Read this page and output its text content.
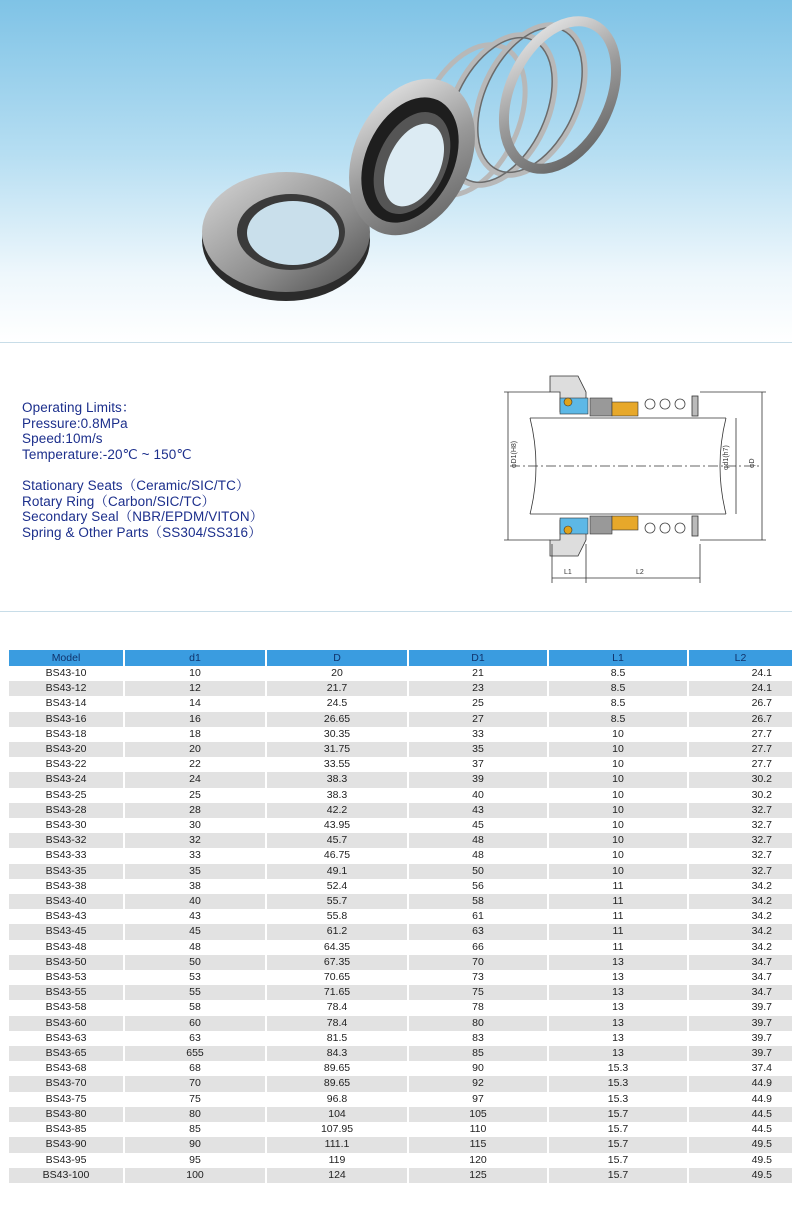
Operating Limits：
Pressure:0.8MPa
Speed:10m/s
Temperature:-20℃ ~ 150℃
Stationary Seats（Ceramic/SIC/TC）
Rotary Ring（Carbon/SIC/TC）
Secondary Seal（NBR/EPDM/VITON）
Spring & Other Parts（SS304/SS316）
φD1(H8)	φd1(h7)	φD
L1	L2
Model	d1	D	D1	L1	L2
BS43-10	10	20	21	8.5	24.1
BS43-12	12	21.7	23	8.5	24.1
BS43-14	14	24.5	25	8.5	26.7
BS43-16	16	26.65	27	8.5	26.7
BS43-18	18	30.35	33	10	27.7
BS43-20	20	31.75	35	10	27.7
BS43-22	22	33.55	37	10	27.7
BS43-24	24	38.3	39	10	30.2
BS43-25	25	38.3	40	10	30.2
BS43-28	28	42.2	43	10	32.7
BS43-30	30	43.95	45	10	32.7
BS43-32	32	45.7	48	10	32.7
BS43-33	33	46.75	48	10	32.7
BS43-35	35	49.1	50	10	32.7
BS43-38	38	52.4	56	11	34.2
BS43-40	40	55.7	58	11	34.2
BS43-43	43	55.8	61	11	34.2
BS43-45	45	61.2	63	11	34.2
BS43-48	48	64.35	66	11	34.2
BS43-50	50	67.35	70	13	34.7
BS43-53	53	70.65	73	13	34.7
BS43-55	55	71.65	75	13	34.7
BS43-58	58	78.4	78	13	39.7
BS43-60	60	78.4	80	13	39.7
BS43-63	63	81.5	83	13	39.7
BS43-65	655	84.3	85	13	39.7
BS43-68	68	89.65	90	15.3	37.4
BS43-70	70	89.65	92	15.3	44.9
BS43-75	75	96.8	97	15.3	44.9
BS43-80	80	104	105	15.7	44.5
BS43-85	85	107.95	110	15.7	44.5
BS43-90	90	111.1	115	15.7	49.5
BS43-95	95	119	120	15.7	49.5
BS43-100	100	124	125	15.7	49.5
